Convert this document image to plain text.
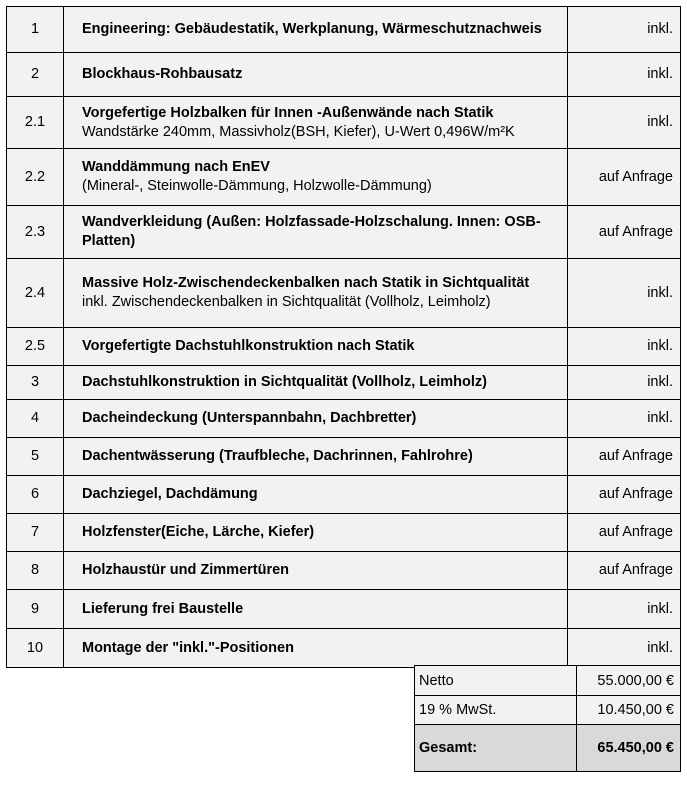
1	Engineering: Gebäudestatik, Werkplanung, Wärmeschutznachweis	inkl.
2	Blockhaus-Rohbausatz	inkl.
2.1	Vorgefertige Holzbalken für Innen -Außenwände nach Statik
Wandstärke 240mm, Massivholz(BSH, Kiefer), U-Wert 0,496W/m²K	inkl.
2.2	Wanddämmung nach EnEV
(Mineral-, Steinwolle-Dämmung, Holzwolle-Dämmung)	auf Anfrage
2.3	Wandverkleidung (Außen: Holzfassade-Holzschalung. Innen: OSB-Platten)	auf Anfrage
2.4	Massive Holz-Zwischendeckenbalken nach Statik in Sichtqualität
inkl. Zwischendeckenbalken in Sichtqualität (Vollholz, Leimholz)	inkl.
2.5	Vorgefertigte Dachstuhlkonstruktion nach Statik	inkl.
3	Dachstuhlkonstruktion in Sichtqualität (Vollholz, Leimholz)	inkl.
4	Dacheindeckung (Unterspannbahn, Dachbretter)	inkl.
5	Dachentwässerung (Traufbleche, Dachrinnen, Fahlrohre)	auf Anfrage
6	Dachziegel, Dachdämung	auf Anfrage
7	Holzfenster(Eiche, Lärche, Kiefer)	auf Anfrage
8	Holzhaustür und Zimmertüren	auf Anfrage
9	Lieferung frei Baustelle	inkl.
10	Montage der "inkl."-Positionen	inkl.
Netto	55.000,00 €
19 % MwSt.	10.450,00 €
Gesamt:	65.450,00 €
